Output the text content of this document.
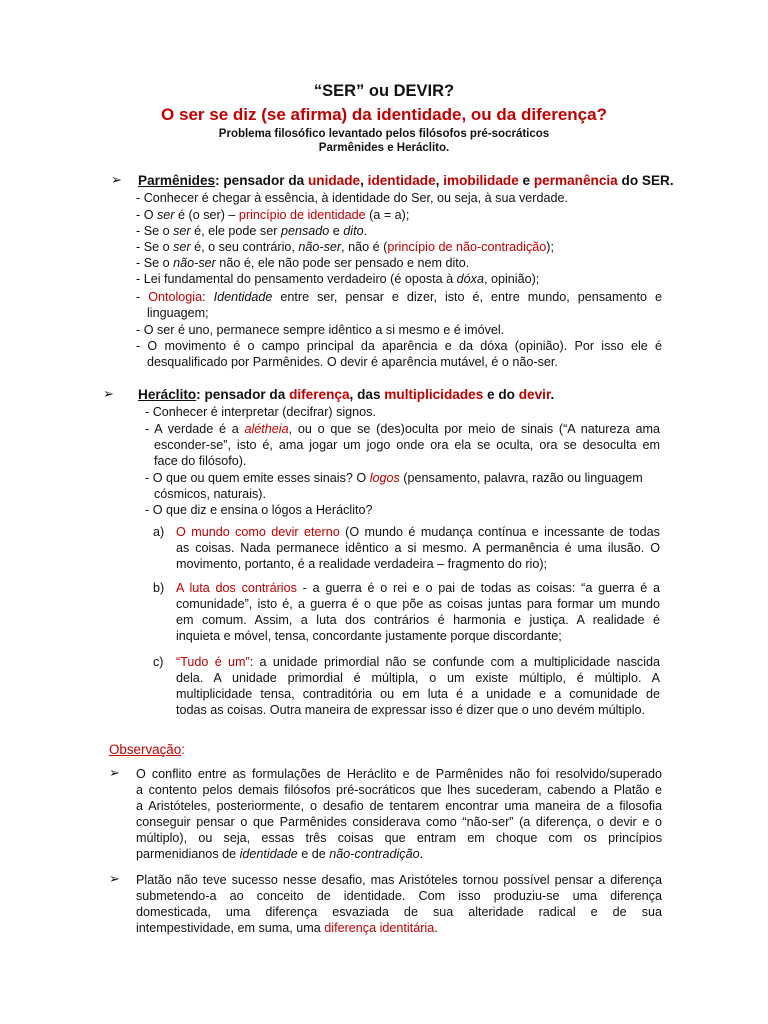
“SER” ou DEVIR?
O ser se diz (se afirma) da identidade, ou da diferença?
Problema filosófico levantado pelos filósofos pré-socráticos
Parmênides e Heráclito.
➢ Parmênides: pensador da unidade, identidade, imobilidade e permanência do SER.
- Conhecer é chegar à essência, à identidade do Ser, ou seja, à sua verdade.
- O ser é (o ser) – princípio de identidade (a = a);
- Se o ser é, ele pode ser pensado e dito.
- Se o ser é, o seu contrário, não-ser, não é (princípio de não-contradição);
- Se o não-ser não é, ele não pode ser pensado e nem dito.
- Lei fundamental do pensamento verdadeiro (é oposta à dóxa, opinião);
- Ontologia: Identidade entre ser, pensar e dizer, isto é, entre mundo, pensamento e
linguagem;
- O ser é uno, permanece sempre idêntico a si mesmo e é imóvel.
- O movimento é o campo principal da aparência e da dóxa (opinião). Por isso ele é
desqualificado por Parmênides. O devir é aparência mutável, é o não-ser.
➢ Heráclito: pensador da diferença, das multiplicidades e do devir.
- Conhecer é interpretar (decifrar) signos.
- A verdade é a alétheia, ou o que se (des)oculta por meio de sinais (“A natureza ama
esconder-se”, isto é, ama jogar um jogo onde ora ela se oculta, ora se desoculta em
face do filósofo).
- O que ou quem emite esses sinais? O logos (pensamento, palavra, razão ou linguagem
cósmicos, naturais).
- O que diz e ensina o lógos a Heráclito?
a) O mundo como devir eterno (O mundo é mudança contínua e incessante de todas
as coisas. Nada permanece idêntico a si mesmo. A permanência é uma ilusão. O
movimento, portanto, é a realidade verdadeira – fragmento do rio);
b) A luta dos contrários - a guerra é o rei e o pai de todas as coisas: “a guerra é a
comunidade”, isto é, a guerra é o que põe as coisas juntas para formar um mundo
em comum. Assim, a luta dos contrários é harmonia e justiça. A realidade é
inquieta e móvel, tensa, concordante justamente porque discordante;
c) “Tudo é um”: a unidade primordial não se confunde com a multiplicidade nascida
dela. A unidade primordial é múltipla, o um existe múltiplo, é múltiplo. A
multiplicidade tensa, contraditória ou em luta é a unidade e a comunidade de
todas as coisas. Outra maneira de expressar isso é dizer que o uno devém múltiplo.
Observação:
➢ O conflito entre as formulações de Heráclito e de Parmênides não foi resolvido/superado
a contento pelos demais filósofos pré-socráticos que lhes sucederam, cabendo a Platão e
a Aristóteles, posteriormente, o desafio de tentarem encontrar uma maneira de a filosofia
conseguir pensar o que Parmênides considerava como “não-ser” (a diferença, o devir e o
múltiplo), ou seja, essas três coisas que entram em choque com os princípios
parmenidianos de identidade e de não-contradição.
➢ Platão não teve sucesso nesse desafio, mas Aristóteles tornou possível pensar a diferença
submetendo-a ao conceito de identidade. Com isso produziu-se uma diferença
domesticada, uma diferença esvaziada de sua alteridade radical e de sua
intempestividade, em suma, uma diferença identitária.
